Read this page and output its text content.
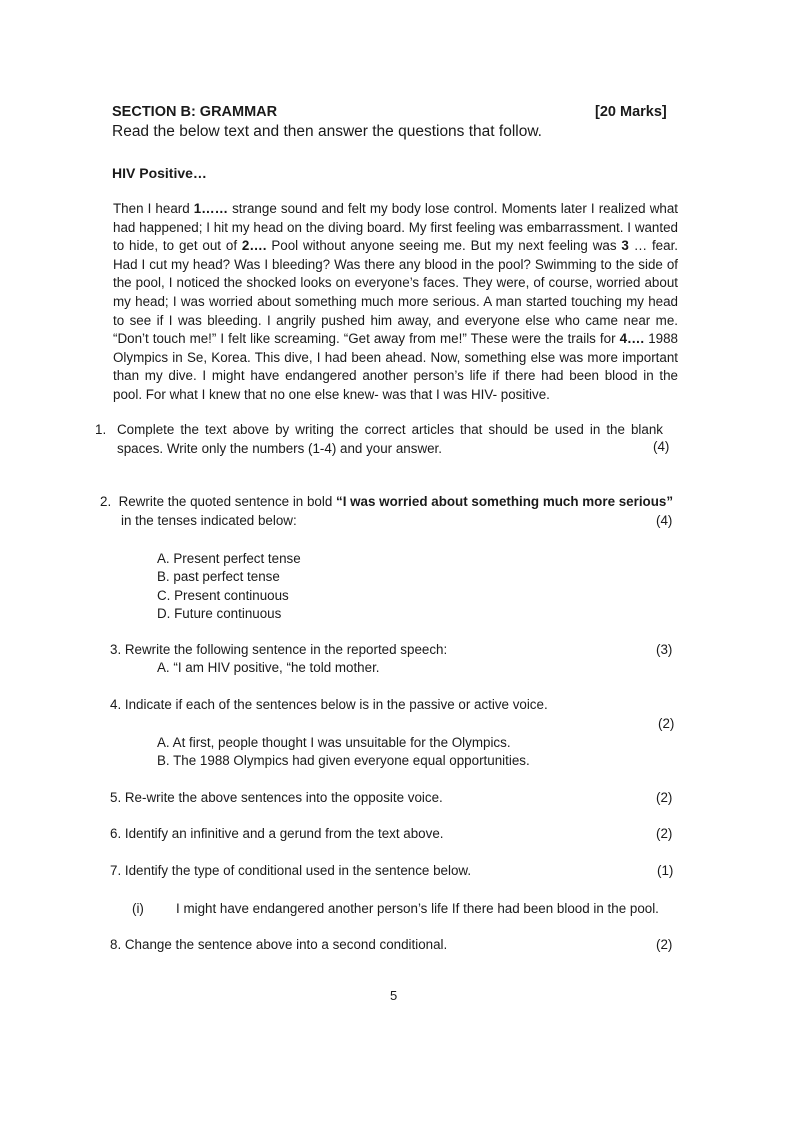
SECTION B: GRAMMAR	[20 Marks]
Read the below text and then answer the questions that follow.
HIV Positive…
Then I heard 1…… strange sound and felt my body lose control. Moments later I realized what had happened; I hit my head on the diving board. My first feeling was embarrassment. I wanted to hide, to get out of 2…. Pool without anyone seeing me. But my next feeling was 3 … fear. Had I cut my head? Was I bleeding? Was there any blood in the pool? Swimming to the side of the pool, I noticed the shocked looks on everyone’s faces. They were, of course, worried about my head; I was worried about something much more serious. A man started touching my head to see if I was bleeding. I angrily pushed him away, and everyone else who came near me. “Don’t touch me!” I felt like screaming. “Get away from me!” These were the trails for 4…. 1988 Olympics in Se, Korea. This dive, I had been ahead. Now, something else was more important than my dive. I might have endangered another person’s life if there had been blood in the pool. For what I knew that no one else knew- was that I was HIV- positive.
1. Complete the text above by writing the correct articles that should be used in the blank spaces. Write only the numbers (1-4) and your answer.	(4)
2. Rewrite the quoted sentence in bold “I was worried about something much more serious”
in the tenses indicated below:	(4)
A. Present perfect tense
B. past perfect tense
C. Present continuous
D. Future continuous
3. Rewrite the following sentence in the reported speech:	(3)
A. “I am HIV positive, “he told mother.
4. Indicate if each of the sentences below is in the passive or active voice.
(2)
A. At first, people thought I was unsuitable for the Olympics.
B. The 1988 Olympics had given everyone equal opportunities.
5. Re-write the above sentences into the opposite voice.	(2)
6. Identify an infinitive and a gerund from the text above.	(2)
7. Identify the type of conditional used in the sentence below.	(1)
(i) I might have endangered another person’s life If there had been blood in the pool.
8. Change the sentence above into a second conditional.	(2)
5
